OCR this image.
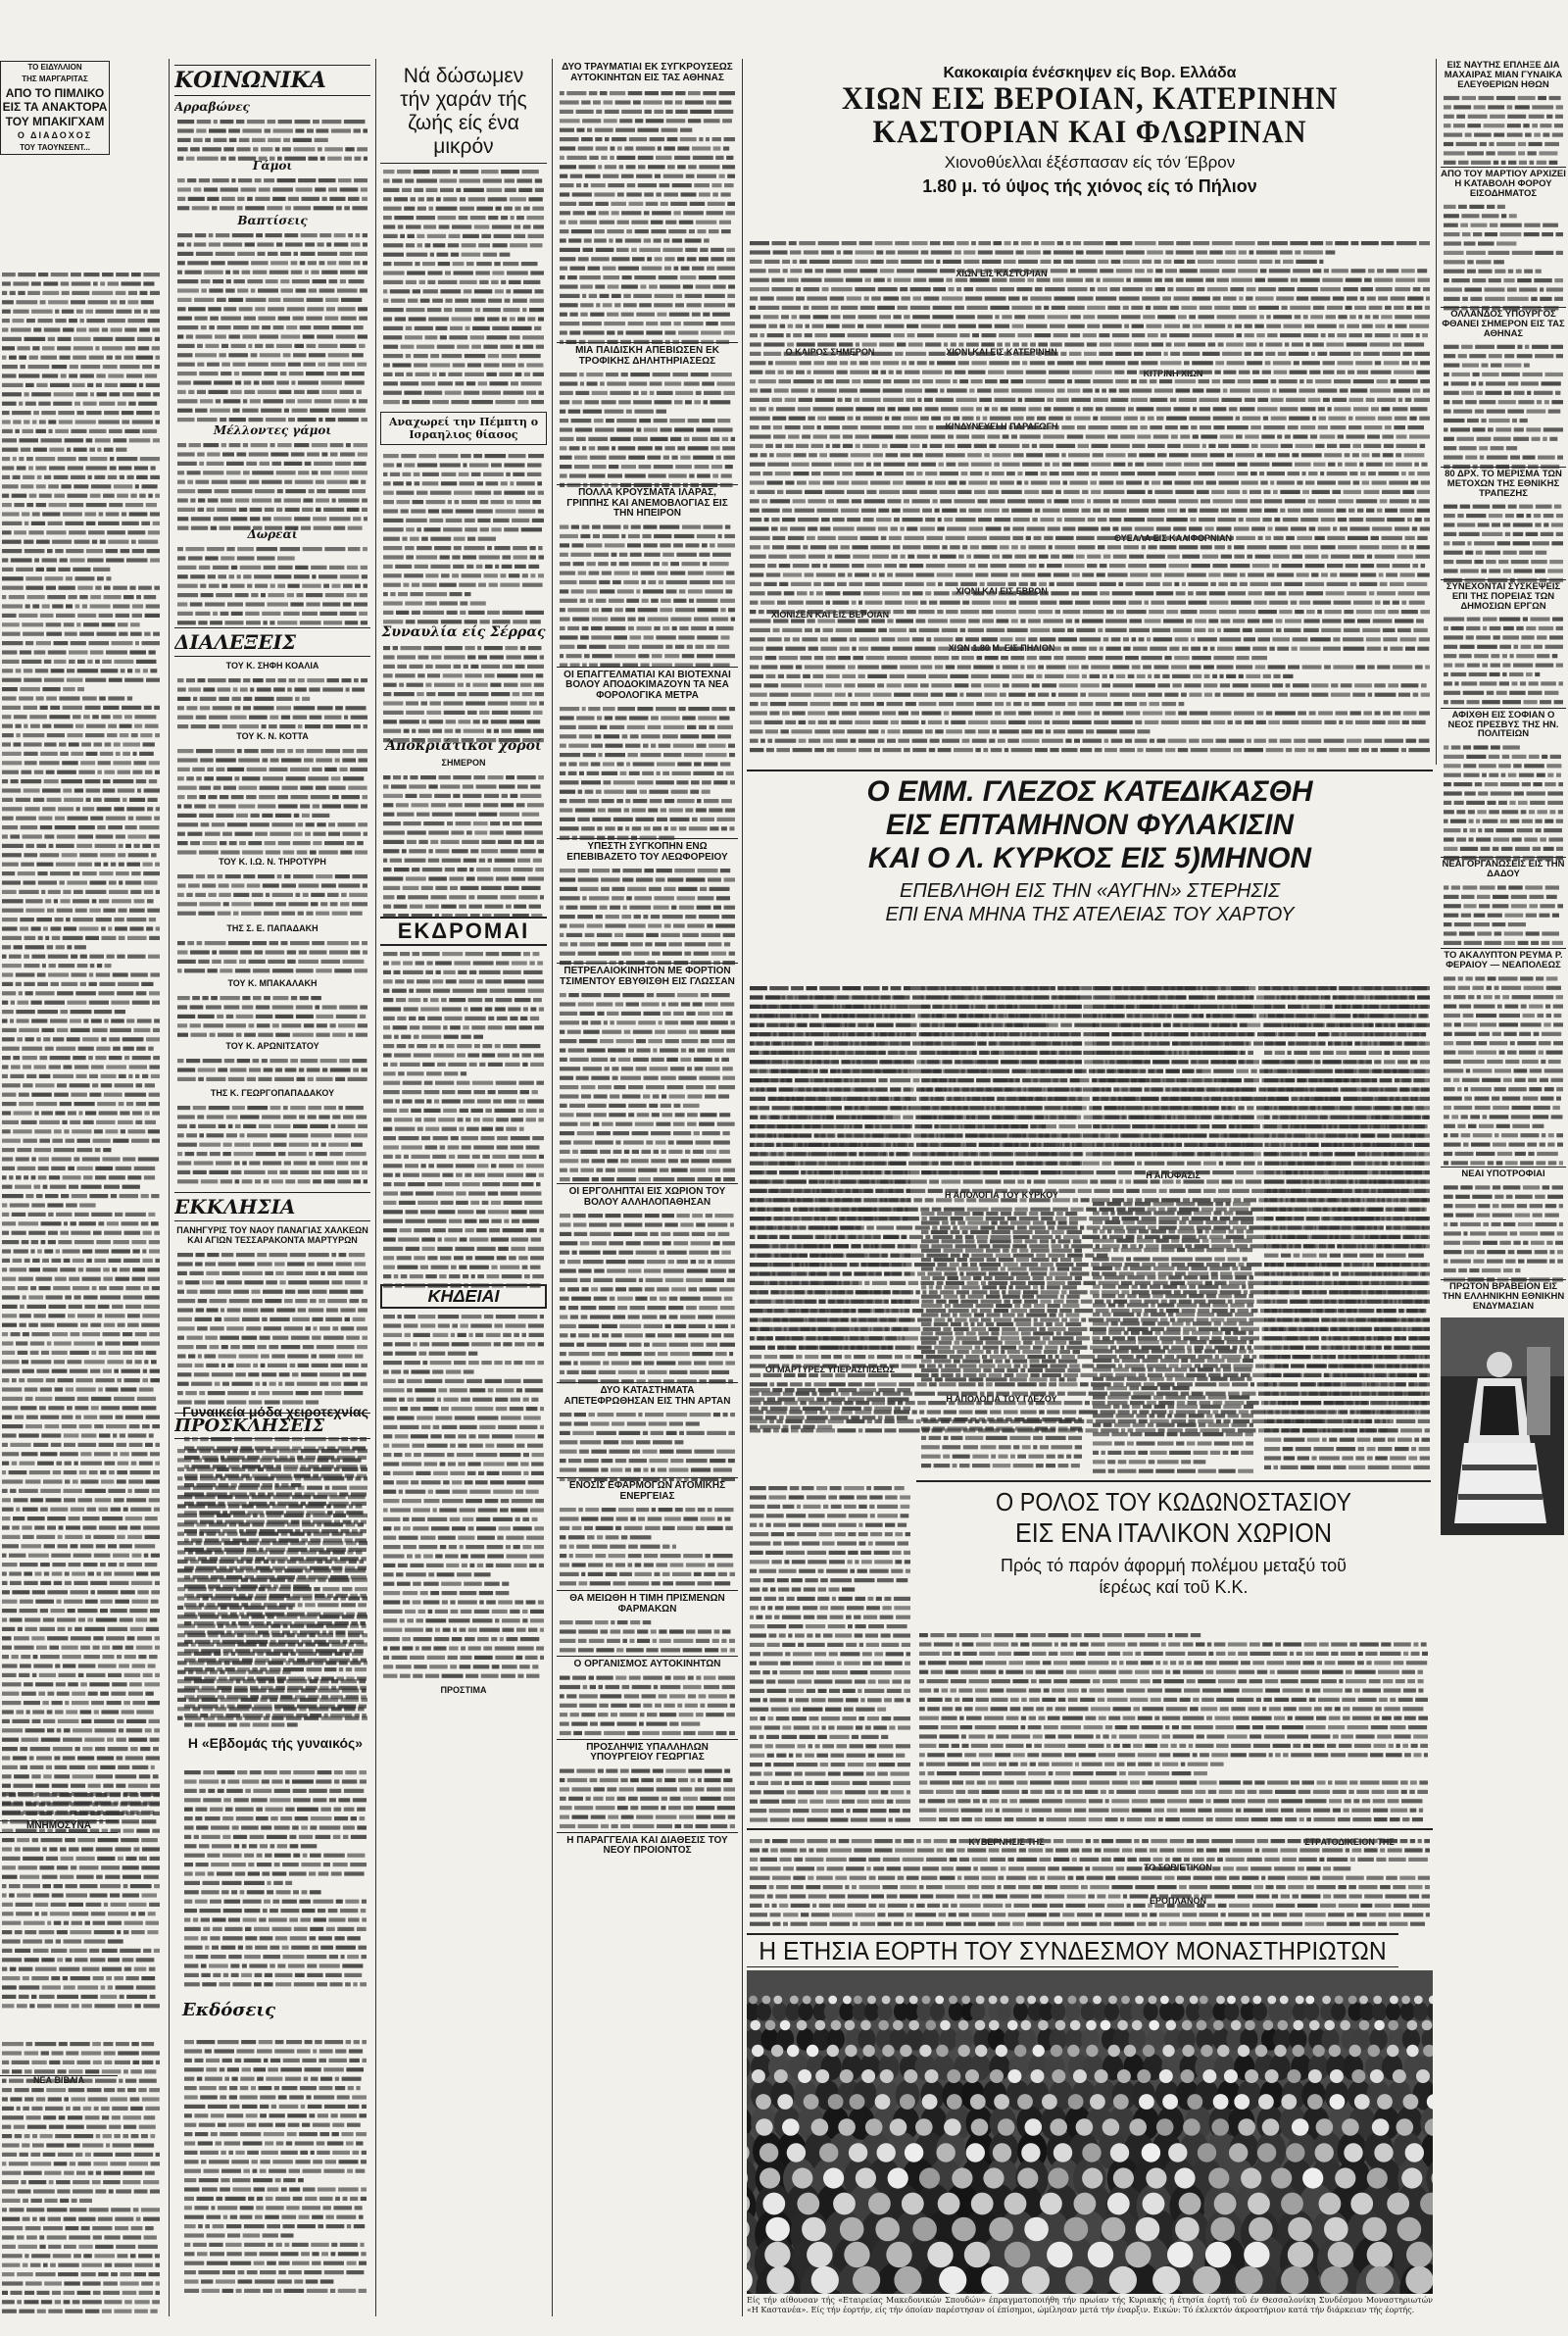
ΤΟ ΕΙΔΥΛΛΙΟΝ
ΤΗΣ ΜΑΡΓΑΡΙΤΑΣ
ΑΠΟ ΤΟ ΠΙΜΛΙΚΟ
ΕΙΣ ΤΑ ΑΝΑΚΤΟΡΑ
ΤΟΥ ΜΠΑΚΙΓΧΑΜ
Ο ΔΙΑΔΟΧΟΣ
ΤΟΥ ΤΑΟΥΝΣΕΝΤ...
ΜΝΗΜΟΣΥΝΑ
ΝΕΑ ΒΙΒΛΙΑ
ΚΟΙΝΩΝΙΚΑ
Αρραβώνες
Γάμοι
Βαπτίσεις
Μέλλοντες γάμοι
Δωρεαί
ΔΙΑΛΕΞΕΙΣ
ΤΟΥ Κ. ΣΗΦΗ ΚΟΑΛΙΑ
ΤΟΥ Κ. Ν. ΚΟΤΤΑ
ΤΟΥ Κ. Ι.Ω. Ν. ΤΗΡΟΤΥΡΗ
ΤΗΣ Σ. Ε. ΠΑΠΑΔΑΚΗ
ΤΟΥ Κ. ΜΠΑΚΑΛΑΚΗ
ΤΟΥ Κ. ΑΡΩΝΙΤΣΑΤΟΥ
ΤΗΣ Κ. ΓΕΩΡΓΟΠΑΠΑΔΑΚΟΥ
ΕΚΚΛΗΣΙΑ
ΠΑΝΗΓΥΡΙΣ ΤΟΥ ΝΑΟΥ ΠΑΝΑΓΙΑΣ ΧΑΛΚΕΩΝ ΚΑΙ ΑΓΙΩΝ ΤΕΣΣΑΡΑΚΟΝΤΑ ΜΑΡΤΥΡΩΝ
ΠΡΟΣΚΛΗΣΕΙΣ
Νά δώσωμεν τήν χαράν τής ζωής είς ένα μικρόν
Αναχωρεί την Πέμπτη ο Ισραηλιος θίασος
Συναυλία είς Σέρρας
Άποκριάτικοι χοροί
ΣΗΜΕΡΟΝ
ΕΚΔΡΟΜΑΙ
ΚΗΔΕΙΑΙ
ΠΡΟΣΤΙΜΑ
Γυναικεία μόδα χειροτεχνίας
Η «Εβδομάς τής γυναικός»
Εκδόσεις
ΔΥΟ ΤΡΑΥΜΑΤΙΑΙ ΕΚ ΣΥΓΚΡΟΥΣΕΩΣ ΑΥΤΟΚΙΝΗΤΩΝ ΕΙΣ ΤΑΣ ΑΘΗΝΑΣ
ΜΙΑ ΠΑΙΔΙΣΚΗ ΑΠΕΒΙΩΣΕΝ ΕΚ ΤΡΟΦΙΚΗΣ ΔΗΛΗΤΗΡΙΑΣΕΩΣ
ΠΟΛΛΑ ΚΡΟΥΣΜΑΤΑ ΙΛΑΡΑΣ, ΓΡΙΠΠΗΣ ΚΑΙ ΑΝΕΜΟΒΛΟΓΙΑΣ ΕΙΣ ΤΗΝ ΗΠΕΙΡΟΝ
ΟΙ ΕΠΑΓΓΕΛΜΑΤΙΑΙ ΚΑΙ ΒΙΟΤΕΧΝΑΙ ΒΟΛΟΥ ΑΠΟΔΟΚΙΜΑΖΟΥΝ ΤΑ ΝΕΑ ΦΟΡΟΛΟΓΙΚΑ ΜΕΤΡΑ
ΥΠΕΣΤΗ ΣΥΓΚΟΠΗΝ ΕΝΩ ΕΠΕΒΙΒΑΖΕΤΟ ΤΟΥ ΛΕΩΦΟΡΕΙΟΥ
ΠΕΤΡΕΛΑΙΟΚΙΝΗΤΟΝ ΜΕ ΦΟΡΤΙΟΝ ΤΣΙΜΕΝΤΟΥ ΕΒΥΘΙΣΘΗ ΕΙΣ ΓΛΩΣΣΑΝ
ΟΙ ΕΡΓΟΛΗΠΤΑΙ ΕΙΣ ΧΩΡΙΟΝ ΤΟΥ ΒΟΛΟΥ ΑΛΛΗΛΟΠΑΘΗΣΑΝ
ΔΥΟ ΚΑΤΑΣΤΗΜΑΤΑ ΑΠΕΤΕΦΡΩΘΗΣΑΝ ΕΙΣ ΤΗΝ ΑΡΤΑΝ
ΕΝΟΣΙΣ ΕΦΑΡΜΟΓΩΝ ΑΤΟΜΙΚΗΣ ΕΝΕΡΓΕΙΑΣ
ΘΑ ΜΕΙΩΘΗ Η ΤΙΜΗ ΠΡΙΣΜΕΝΩΝ ΦΑΡΜΑΚΩΝ
Ο ΟΡΓΑΝΙΣΜΟΣ ΑΥΤΟΚΙΝΗΤΩΝ
ΠΡΟΣΛΗΨΙΣ ΥΠΑΛΛΗΛΩΝ ΥΠΟΥΡΓΕΙΟΥ ΓΕΩΡΓΙΑΣ
Η ΠΑΡΑΓΓΕΛΙΑ ΚΑΙ ΔΙΑΘΕΣΙΣ ΤΟΥ ΝΕΟΥ ΠΡΟΙΟΝΤΟΣ
Κακοκαιρία ένέσκηψεν είς Βορ. Ελλάδα
ΧΙΩΝ ΕΙΣ ΒΕΡΟΙΑΝ, ΚΑΤΕΡΙΝΗΝ
ΚΑΣΤΟΡΙΑΝ ΚΑΙ ΦΛΩΡΙΝΑΝ
Χιονοθύελλαι έξέσπασαν είς τόν Έβρον
1.80 μ. τό ύψος τής χιόνος είς τό Πήλιον
Ο ΚΑΙΡΟΣ ΣΗΜΕΡΟΝ
ΧΙΟΝΙΣΕΝ ΚΑΙ ΕΙΣ ΒΕΡΟΙΑΝ
ΧΙΩΝ ΕΙΣ ΚΑΣΤΟΡΙΑΝ
ΧΙΟΝΙ ΚΑΙ ΕΙΣ ΚΑΤΕΡΙΝΗΝ
ΚΙΝΔΥΝΕΥΕΙ Η ΠΑΡΑΓΩΓΗ
ΧΙΟΝΙ ΚΑΙ ΕΙΣ ΕΒΡΟΝ
ΧΙΩΝ 1.80 Μ. ΕΙΣ ΠΗΛΙΟΝ
ΚΙΤΡΙΝΗ ΧΙΩΝ
ΘΥΕΛΛΑ ΕΙΣ ΚΑΛΙΦΟΡΝΙΑΝ
Ο ΕΜΜ. ΓΛΕΖΟΣ ΚΑΤΕΔΙΚΑΣΘΗ
ΕΙΣ ΕΠΤΑΜΗΝΟΝ ΦΥΛΑΚΙΣΙΝ
ΚΑΙ Ο Λ. ΚΥΡΚΟΣ ΕΙΣ 5)ΜΗΝΟΝ
ΕΠΕΒΛΗΘΗ ΕΙΣ ΤΗΝ «ΑΥΓΗΝ» ΣΤΕΡΗΣΙΣ
ΕΠΙ ΕΝΑ ΜΗΝΑ ΤΗΣ ΑΤΕΛΕΙΑΣ ΤΟΥ ΧΑΡΤΟΥ
ΟΙ ΜΑΡΤΥΡΕΣ ΥΠΕΡΑΣΠΙΣΕΩΣ
Η ΑΠΟΛΟΓΙΑ ΤΟΥ ΚΥΡΚΟΥ
Η ΑΠΟΦΑΣΙΣ
Η ΑΠΟΛΟΓΙΑ ΤΟΥ ΓΛΕΖΟΥ
Ο ΡΟΛΟΣ ΤΟΥ ΚΩΔΩΝΟΣΤΑΣΙΟΥ
ΕΙΣ ΕΝΑ ΙΤΑΛΙΚΟΝ ΧΩΡΙΟΝ
Πρός τό παρόν άφορμή πολέμου μεταξύ τοῦ ίερέως καί τοῦ Κ.Κ.
ΚΥΒΕΡΝΗΣΙΣ ΤΗΣ	ΣΤΡΑΤΟΔΙΚΕΙΟΝ ΤΗΣ
ΤΟ ΣΟΒΙΕΤΙΚΟΝ
ΕΡΟΠΛΑΝΟΝ
Η ΕΤΗΣΙΑ ΕΟΡΤΗ ΤΟΥ ΣΥΝΔΕΣΜΟΥ ΜΟΝΑΣΤΗΡΙΩΤΩΝ
Είς τήν αίθουσαν τής «Εταιρείας Μακεδονικών Σπουδών» έπραγματοποιήθη τήν πρωίαν τής Κυριακής ή έτησία έορτή τοῦ έν Θεσσαλονίκη Συνδέσμου Μοναστηριωτών «Η Καστανέα». Είς τήν έορτήν, είς τήν όποίαν παρέστησαν οί έπίσημοι, ώμίλησαν μετά τήν έναρξιν. Εικών: Τό έκλεκτόν άκροατήριον κατά τήν διάρκειαν τής έορτής.
ΕΙΣ ΝΑΥΤΗΣ ΕΠΛΗΞΕ ΔΙΑ ΜΑΧΑΙΡΑΣ ΜΙΑΝ ΓΥΝΑΙΚΑ ΕΛΕΥΘΕΡΙΩΝ ΗΘΩΝ
ΑΠΟ ΤΟΥ ΜΑΡΤΙΟΥ ΑΡΧΙΖΕΙ Η ΚΑΤΑΒΟΛΗ ΦΟΡΟΥ ΕΙΣΟΔΗΜΑΤΟΣ
ΟΛΛΑΝΔΟΣ ΥΠΟΥΡΓΟΣ ΦΘΑΝΕΙ ΣΗΜΕΡΟΝ ΕΙΣ ΤΑΣ ΑΘΗΝΑΣ
80 ΔΡΧ. ΤΟ ΜΕΡΙΣΜΑ ΤΩΝ ΜΕΤΟΧΩΝ ΤΗΣ ΕΘΝΙΚΗΣ ΤΡΑΠΕΖΗΣ
ΣΥΝΕΧΟΝΤΑΙ ΣΥΣΚΕΨΕΙΣ ΕΠΙ ΤΗΣ ΠΟΡΕΙΑΣ ΤΩΝ ΔΗΜΟΣΙΩΝ ΕΡΓΩΝ
ΑΦΙΧΘΗ ΕΙΣ ΣΟΦΙΑΝ Ο ΝΕΟΣ ΠΡΕΣΒΥΣ ΤΗΣ ΗΝ. ΠΟΛΙΤΕΙΩΝ
ΝΕΑΙ ΟΡΓΑΝΩΣΕΙΣ ΕΙΣ ΤΗΝ ΔΑΔΟΥ
ΤΟ ΑΚΑΛΥΠΤΟΝ ΡΕΥΜΑ Ρ. ΦΕΡΑΙΟΥ — ΝΕΑΠΟΛΕΩΣ
ΝΕΑΙ ΥΠΟΤΡΟΦΙΑΙ
ΠΡΩΤΟΝ ΒΡΑΒΕΙΟΝ ΕΙΣ ΤΗΝ ΕΛΛΗΝΙΚΗΝ ΕΘΝΙΚΗΝ ΕΝΔΥΜΑΣΙΑΝ
